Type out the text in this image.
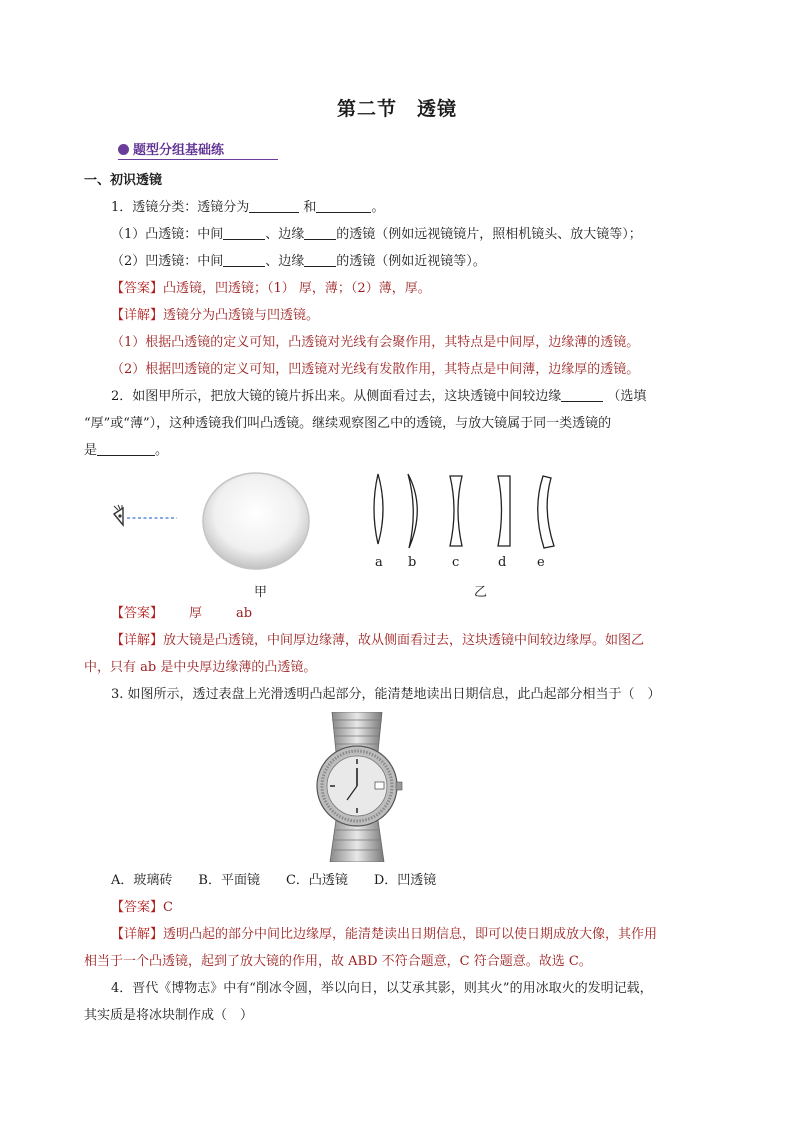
第二节　透镜
题型分组基础练
一、初识透镜
1．透镜分类：透镜分为	和	。
（1）凸透镜：中间	、边缘 的透镜（例如远视镜镜片，照相机镜头、放大镜等）；
（2）凹透镜：中间	、边缘 的透镜（例如近视镜等）。
【答案】凸透镜，凹透镜；（1） 厚，薄；（2）薄，厚。
【详解】透镜分为凸透镜与凹透镜。
（1）根据凸透镜的定义可知，凸透镜对光线有会聚作用，其特点是中间厚，边缘薄的透镜。
（2）根据凹透镜的定义可知，凹透镜对光线有发散作用，其特点是中间薄，边缘厚的透镜。
2．如图甲所示，把放大镜的镜片拆出来。从侧面看过去，这块透镜中间较边缘	（选填
“厚”或“薄”），这种透镜我们叫凸透镜。继续观察图乙中的透镜，与放大镜属于同一类透镜的
是	。
甲
a b	c	d e
乙
【答案】 厚	ab
【详解】放大镜是凸透镜，中间厚边缘薄，故从侧面看过去，这块透镜中间较边缘厚。如图乙
中，只有 ab 是中央厚边缘薄的凸透镜。
3. 如图所示，透过表盘上光滑透明凸起部分，能清楚地读出日期信息，此凸起部分相当于（　）
A．玻璃砖　　B．平面镜　　C．凸透镜　　D．凹透镜
【答案】C
【详解】透明凸起的部分中间比边缘厚，能清楚读出日期信息，即可以使日期成放大像，其作用
相当于一个凸透镜，起到了放大镜的作用，故 ABD 不符合题意，C 符合题意。故选 C。
4．晋代《博物志》中有“削冰令圆，举以向日，以艾承其影，则其火”的用冰取火的发明记载，
其实质是将冰块制作成（　）
